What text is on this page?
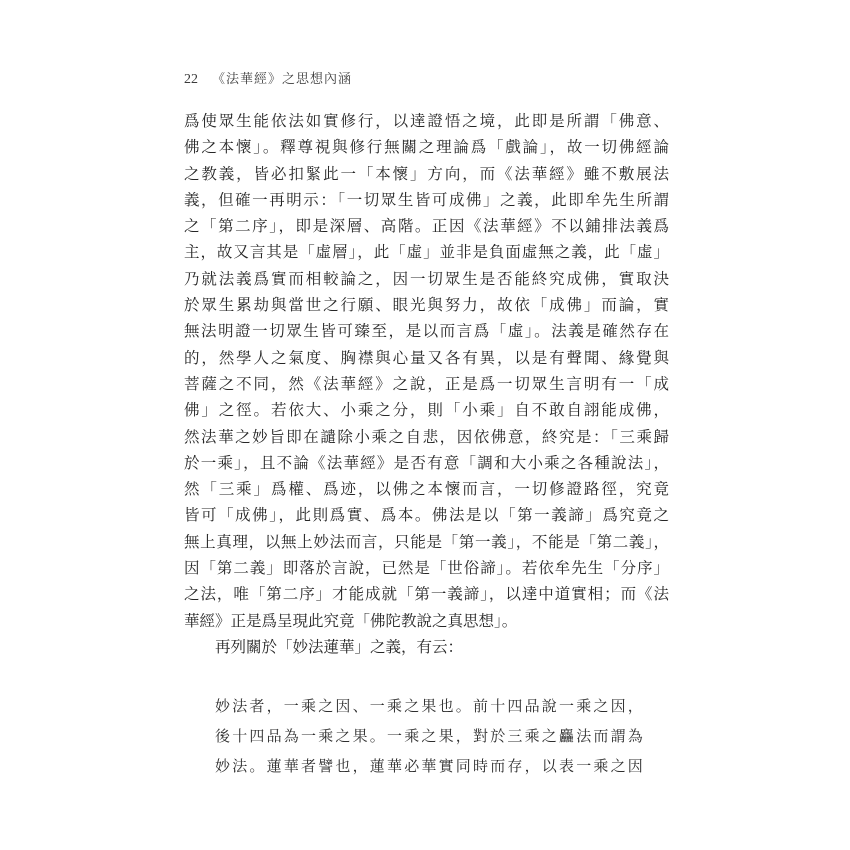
22 《法華經》之思想內涵
爲使眾生能依法如實修行，以達證悟之境，此即是所謂「佛意、
佛之本懷」。釋尊視與修行無關之理論爲「戲論」，故一切佛經論
之教義，皆必扣緊此一「本懷」方向，而《法華經》雖不敷展法
義，但確一再明示：「一切眾生皆可成佛」之義，此即牟先生所謂
之「第二序」，即是深層、高階。正因《法華經》不以鋪排法義爲
主，故又言其是「虛層」，此「虛」並非是負面虛無之義，此「虛」
乃就法義爲實而相較論之，因一切眾生是否能終究成佛，實取決
於眾生累劫與當世之行願、眼光與努力，故依「成佛」而論，實
無法明證一切眾生皆可臻至，是以而言爲「虛」。法義是確然存在
的，然學人之氣度、胸襟與心量又各有異，以是有聲聞、緣覺與
菩薩之不同，然《法華經》之說，正是爲一切眾生言明有一「成
佛」之徑。若依大、小乘之分，則「小乘」自不敢自詡能成佛，
然法華之妙旨即在譴除小乘之自悲，因依佛意，終究是：「三乘歸
於一乘」，且不論《法華經》是否有意「調和大小乘之各種說法」，
然「三乘」爲權、爲迹，以佛之本懷而言，一切修證路徑，究竟
皆可「成佛」，此則爲實、爲本。佛法是以「第一義諦」爲究竟之
無上真理，以無上妙法而言，只能是「第一義」，不能是「第二義」，
因「第二義」即落於言說，已然是「世俗諦」。若依牟先生「分序」
之法，唯「第二序」才能成就「第一義諦」，以達中道實相；而《法
華經》正是爲呈現此究竟「佛陀教說之真思想」。
再列關於「妙法蓮華」之義，有云：
妙法者，一乘之因、一乘之果也。前十四品說一乘之因，
後十四品為一乘之果。一乘之果，對於三乘之麤法而謂為
妙法。蓮華者譬也，蓮華必華實同時而存，以表一乘之因
